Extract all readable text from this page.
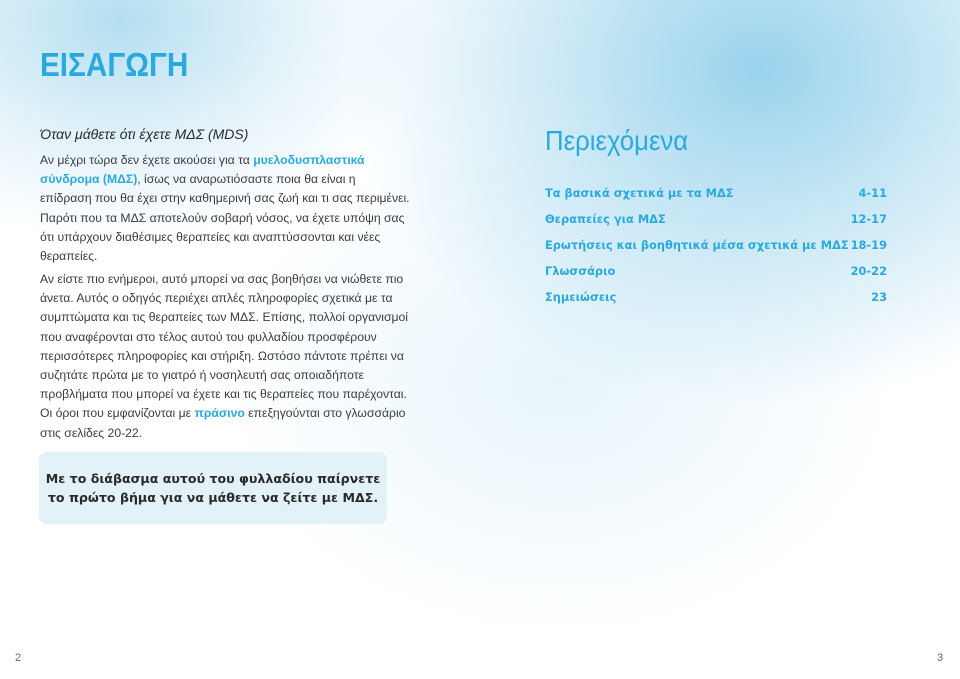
ΕΙΣΑΓΩΓΗ
Όταν μάθετε ότι έχετε ΜΔΣ (MDS)
Αν μέχρι τώρα δεν έχετε ακούσει για τα μυελοδυσπλαστικά σύνδρομα (ΜΔΣ), ίσως να αναρωτιόσαστε ποια θα είναι η επίδραση που θα έχει στην καθημερινή σας ζωή και τι σας περιμένει. Παρότι που τα ΜΔΣ αποτελούν σοβαρή νόσος, να έχετε υπόψη σας ότι υπάρχουν διαθέσιμες θεραπείες και αναπτύσσονται και νέες θεραπείες.
Αν είστε πιο ενήμεροι, αυτό μπορεί να σας βοηθήσει να νιώθετε πιο άνετα. Αυτός ο οδηγός περιέχει απλές πληροφορίες σχετικά με τα συμπτώματα και τις θεραπείες των ΜΔΣ. Επίσης, πολλοί οργανισμοί που αναφέρονται στο τέλος αυτού του φυλλαδίου προσφέρουν περισσότερες πληροφορίες και στήριξη. Ωστόσο πάντοτε πρέπει να συζητάτε πρώτα με το γιατρό ή νοσηλευτή σας οποιαδήποτε προβλήματα που μπορεί να έχετε και τις θεραπείες που παρέχονται. Οι όροι που εμφανίζονται με πράσινο επεξηγούνται στο γλωσσάριο στις σελίδες 20-22.
Με το διάβασμα αυτού του φυλλαδίου παίρνετε
το πρώτο βήμα για να μάθετε να ζείτε με ΜΔΣ.
Περιεχόμενα
Τα βασικά σχετικά με τα ΜΔΣ	4-11
Θεραπείες για ΜΔΣ	12-17
Ερωτήσεις και βοηθητικά μέσα σχετικά με ΜΔΣ 18-19
Γλωσσάριο	20-22
Σημειώσεις	23
2	3
